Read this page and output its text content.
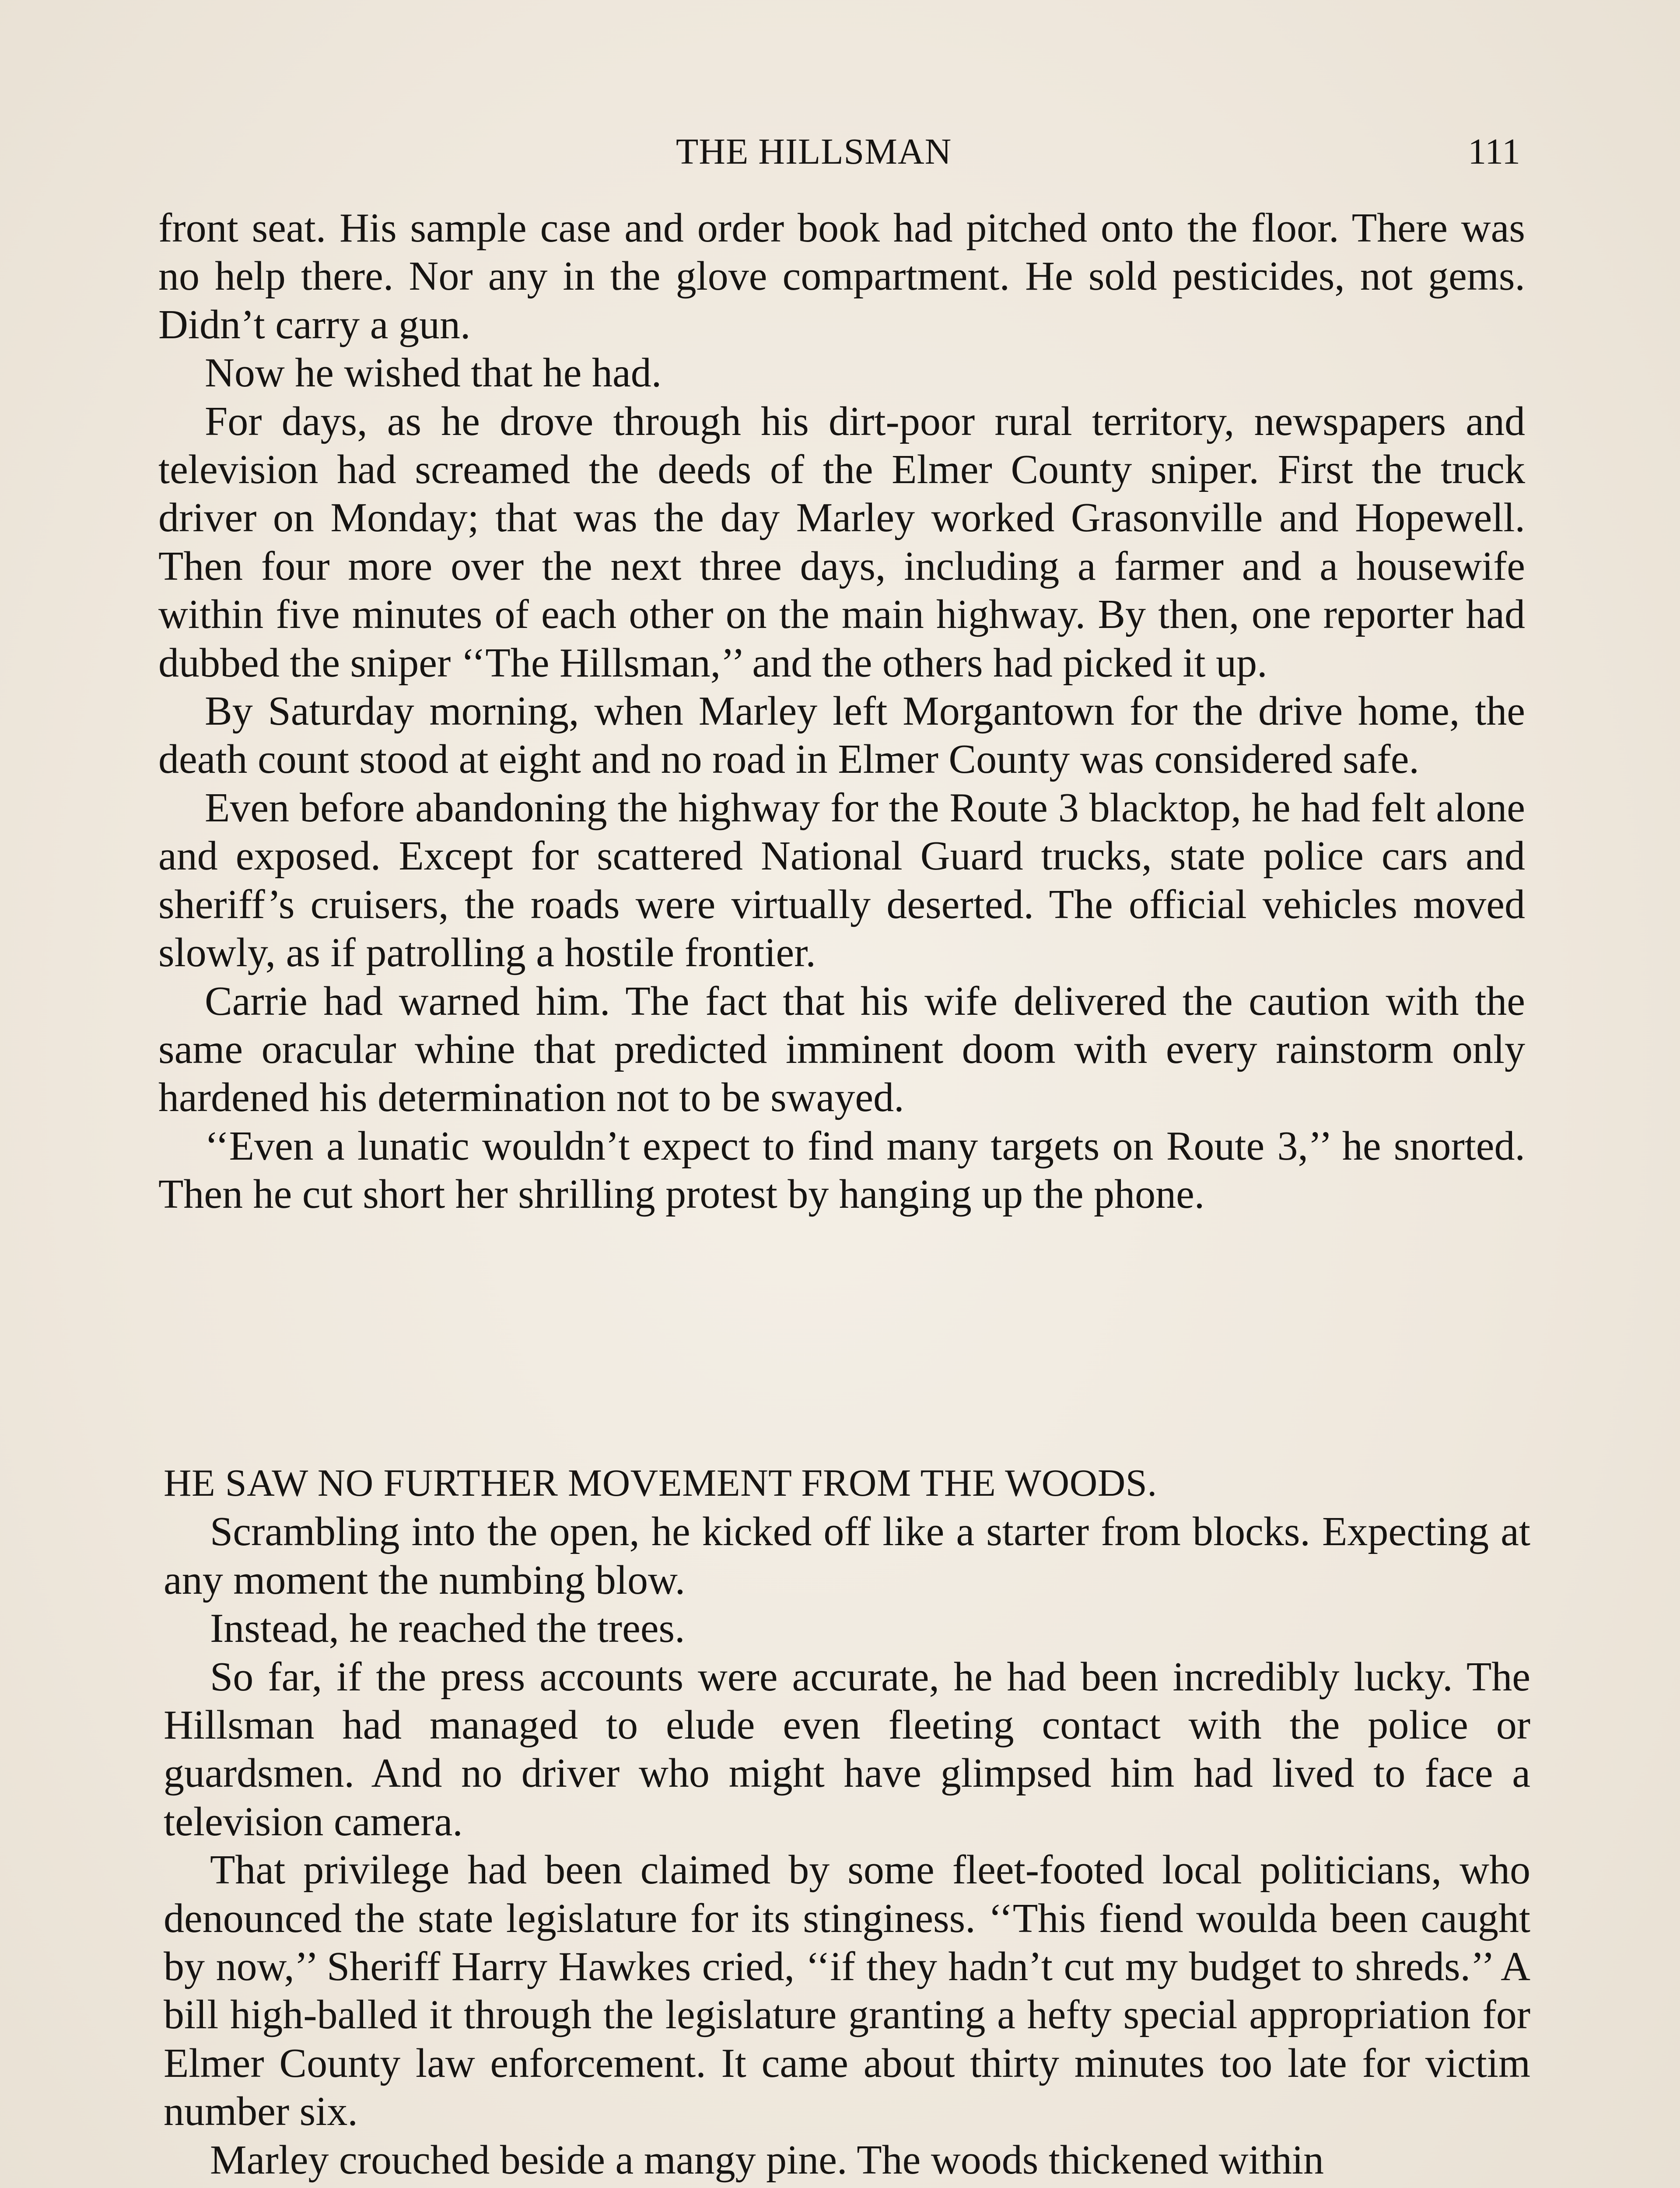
THE HILLSMAN	111

front seat. His sample case and order book had pitched onto the floor. There was no help there. Nor any in the glove compartment. He sold pesticides, not gems. Didn’t carry a gun.

Now he wished that he had.

For days, as he drove through his dirt-poor rural territory, newspapers and television had screamed the deeds of the Elmer County sniper. First the truck driver on Monday; that was the day Marley worked Grasonville and Hopewell. Then four more over the next three days, including a farmer and a housewife within five minutes of each other on the main highway. By then, one reporter had dubbed the sniper ‘‘The Hillsman,’’ and the others had picked it up.

By Saturday morning, when Marley left Morgantown for the drive home, the death count stood at eight and no road in Elmer County was considered safe.

Even before abandoning the highway for the Route 3 blacktop, he had felt alone and exposed. Except for scattered National Guard trucks, state police cars and sheriff’s cruisers, the roads were virtually deserted. The official vehicles moved slowly, as if patrolling a hostile frontier.

Carrie had warned him. The fact that his wife delivered the caution with the same oracular whine that predicted imminent doom with every rainstorm only hardened his determination not to be swayed.

‘‘Even a lunatic wouldn’t expect to find many targets on Route 3,’’ he snorted. Then he cut short her shrilling protest by hanging up the phone.

HE SAW NO FURTHER MOVEMENT FROM THE WOODS.

Scrambling into the open, he kicked off like a starter from blocks. Expecting at any moment the numbing blow.

Instead, he reached the trees.

So far, if the press accounts were accurate, he had been incredibly lucky. The Hillsman had managed to elude even fleeting contact with the police or guardsmen. And no driver who might have glimpsed him had lived to face a television camera.

That privilege had been claimed by some fleet-footed local politicians, who denounced the state legislature for its stinginess. ‘‘This fiend woulda been caught by now,’’ Sheriff Harry Hawkes cried, ‘‘if they hadn’t cut my budget to shreds.’’ A bill high-balled it through the legislature granting a hefty special appropriation for Elmer County law enforcement. It came about thirty minutes too late for victim number six.

Marley crouched beside a mangy pine. The woods thickened within
